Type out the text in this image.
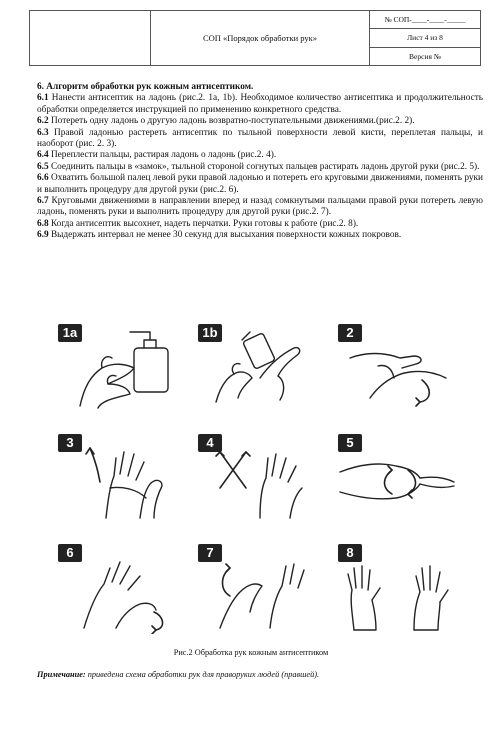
СОП «Порядок обработки рук»
№ СОП-____-____-_____
Лист 4 из 8
Версия №
6. Алгоритм обработки рук кожным антисептиком.

6.1 Нанести антисептик на ладонь (рис.2. 1a, 1b). Необходимое количество антисептика и продолжительность обработки определяется инструкцией по применению конкретного средства.

6.2 Потереть одну ладонь о другую ладонь возвратно-поступательными движениями.(рис.2. 2).

6.3 Правой ладонью растереть антисептик по тыльной поверхности левой кисти, переплетая пальцы, и наоборот (рис. 2. 3).

6.4 Переплести пальцы, растирая ладонь о ладонь (рис.2. 4).

6.5 Соединить пальцы в «замок», тыльной стороной согнутых пальцев растирать ладонь другой руки (рис.2. 5).

6.6 Охватить большой палец левой руки правой ладонью и потереть его круговыми движениями, поменять руки и выполнить процедуру для другой руки (рис.2. 6).

6.7 Круговыми движениями в направлении вперед и назад сомкнутыми пальцами правой руки потереть левую ладонь, поменять руки и выполнить процедуру для другой руки (рис.2. 7).

6.8 Когда антисептик высохнет, надеть перчатки. Руки готовы к работе (рис.2. 8).

6.9 Выдержать интервал не менее 30 секунд для высыхания поверхности кожных покровов.

1a	1b	2
3	4	5
6	7	8
Рис.2 Обработка рук кожным антисептиком
Примечание: приведена схема обработки рук для праворуких людей (правшей).
